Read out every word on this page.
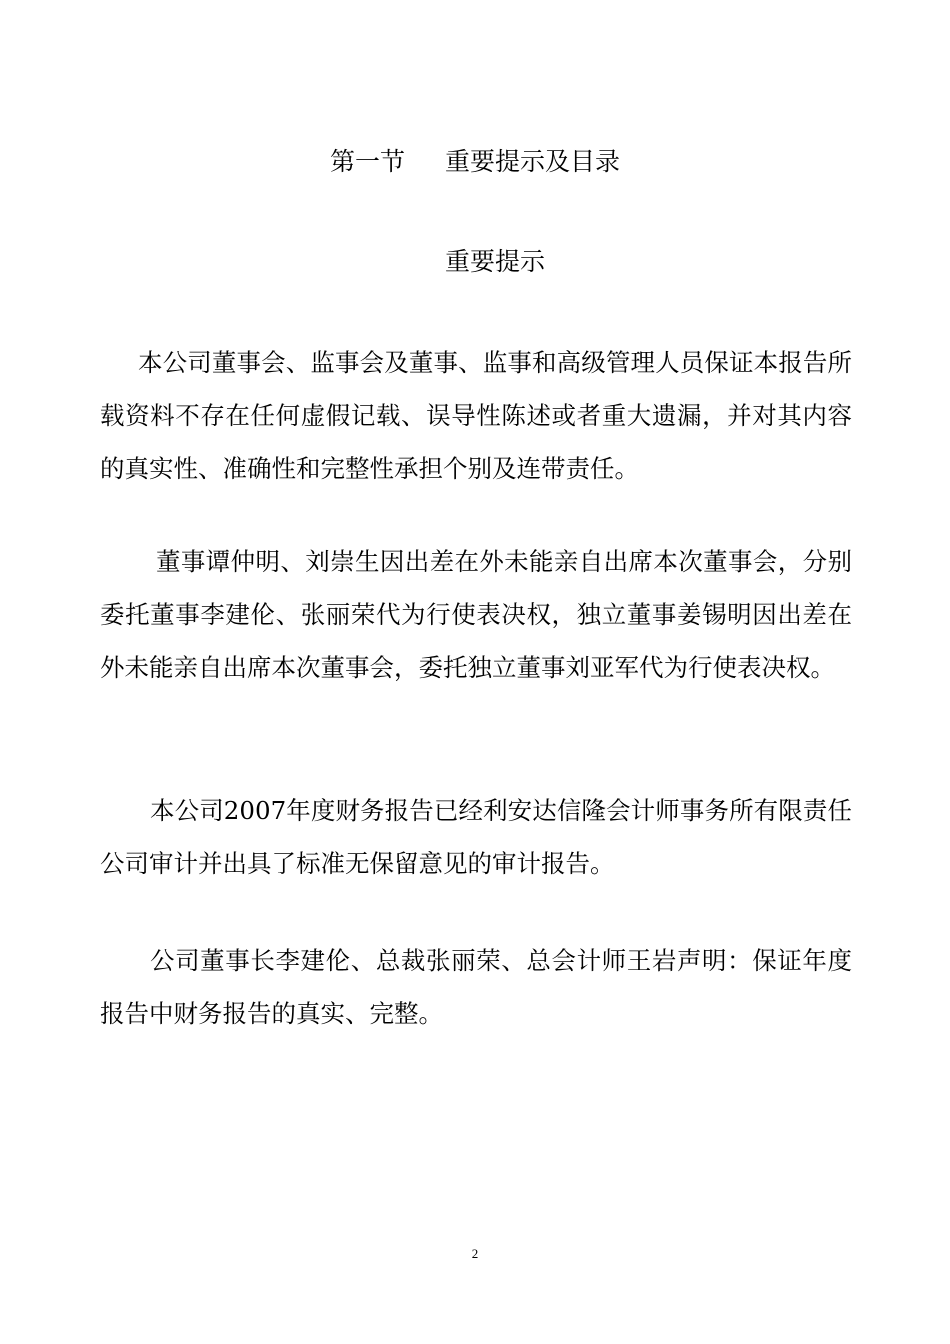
第一节 重要提示及目录
重要提示

本公司董事会、监事会及董事、监事和高级管理人员保证本报告所载资料不存在任何虚假记载、误导性陈述或者重大遗漏，并对其内容的真实性、准确性和完整性承担个别及连带责任。

董事谭仲明、刘崇生因出差在外未能亲自出席本次董事会，分别委托董事李建伦、张丽荣代为行使表决权，独立董事姜锡明因出差在外未能亲自出席本次董事会，委托独立董事刘亚军代为行使表决权。

本公司2007年度财务报告已经利安达信隆会计师事务所有限责任公司审计并出具了标准无保留意见的审计报告。

公司董事长李建伦、总裁张丽荣、总会计师王岩声明：保证年度报告中财务报告的真实、完整。

2
